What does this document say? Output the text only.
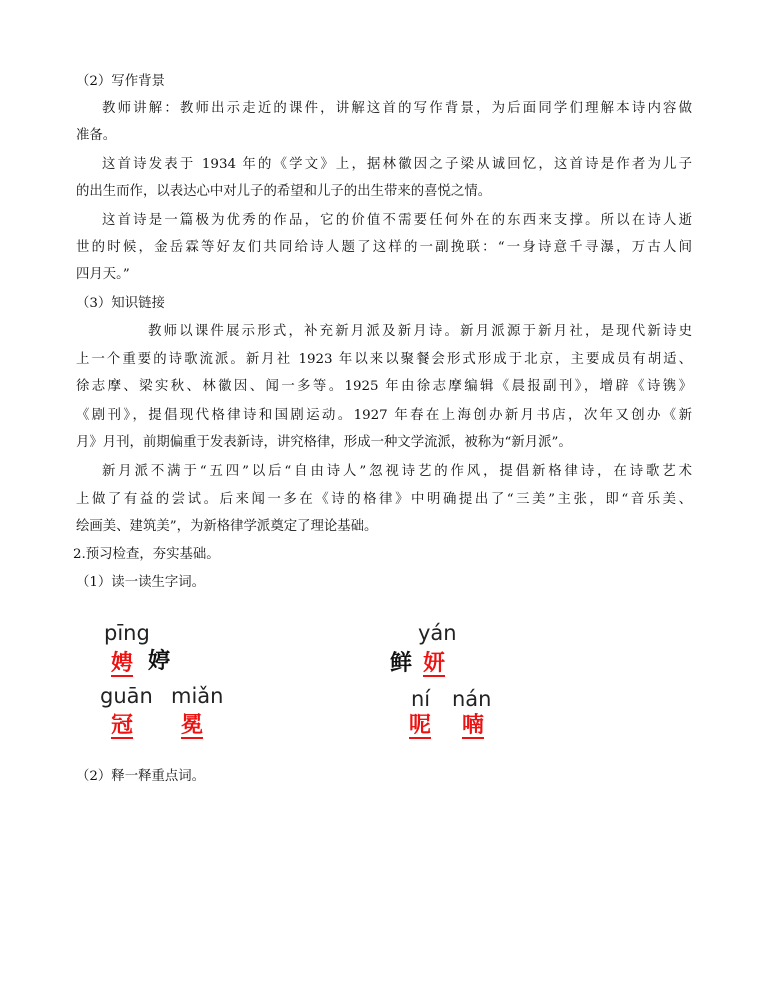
（2）写作背景
教师讲解：教师出示走近的课件，讲解这首的写作背景，为后面同学们理解本诗内容做
准备。
这首诗发表于 1934 年的《学文》上，据林徽因之子梁从诚回忆，这首诗是作者为儿子
的出生而作，以表达心中对儿子的希望和儿子的出生带来的喜悦之情。
这首诗是一篇极为优秀的作品，它的价值不需要任何外在的东西来支撑。所以在诗人逝
世的时候，金岳霖等好友们共同给诗人题了这样的一副挽联：“一身诗意千寻瀑，万古人间
四月天。”
（3）知识链接
教师以课件展示形式，补充新月派及新月诗。新月派源于新月社，是现代新诗史
上一个重要的诗歌流派。新月社 1923 年以来以聚餐会形式形成于北京，主要成员有胡适、
徐志摩、梁实秋、林徽因、闻一多等。1925 年由徐志摩编辑《晨报副刊》，增辟《诗镌》
《剧刊》，提倡现代格律诗和国剧运动。1927 年春在上海创办新月书店，次年又创办《新
月》月刊，前期偏重于发表新诗，讲究格律，形成一种文学流派，被称为“新月派”。
新月派不满于“五四”以后“自由诗人”忽视诗艺的作风，提倡新格律诗，在诗歌艺术
上做了有益的尝试。后来闻一多在《诗的格律》中明确提出了“三美”主张，即“音乐美、
绘画美、建筑美”，为新格律学派奠定了理论基础。
2.预习检查，夯实基础。
（1）读一读生字词。
pīng
娉 婷
yán
鲜 妍
guān miǎn
冠 冕
ní nán
呢 喃
（2）释一释重点词。
